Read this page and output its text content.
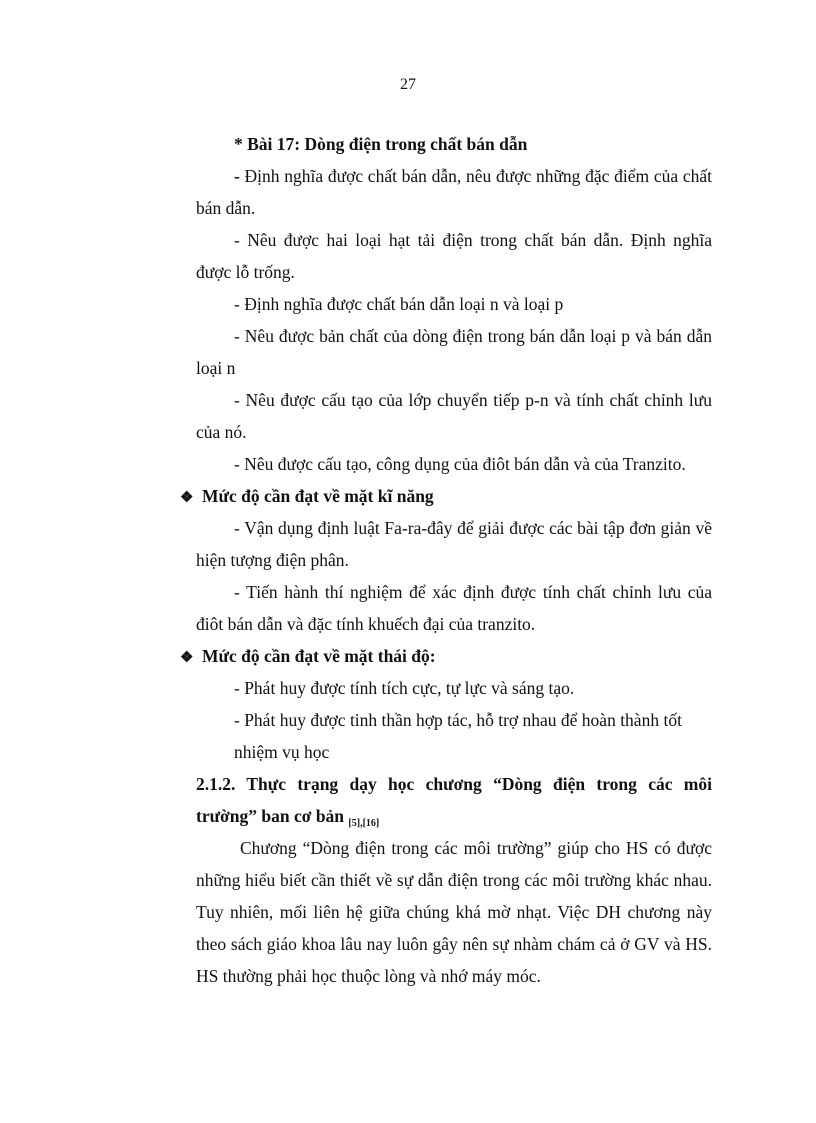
27
* Bài 17: Dòng điện trong chất bán dẫn
- Định nghĩa được chất bán dẫn, nêu được những đặc điểm của chất
bán dẫn.
- Nêu được hai loại hạt tải điện trong chất bán dẫn. Định nghĩa
được lỗ trống.
- Định nghĩa được chất bán dẫn loại n và loại p
- Nêu được bản chất của dòng điện trong bán dẫn loại p và bán dẫn
loại n
- Nêu được cấu tạo của lớp chuyển tiếp p-n và tính chất chỉnh lưu
của nó.
- Nêu được cấu tạo, công dụng của điôt bán dẫn và của Tranzito.
❖ Mức độ cần đạt về mặt kĩ năng
- Vận dụng định luật Fa-ra-đây để giải được các bài tập đơn giản về
hiện tượng điện phân.
- Tiến hành thí nghiệm để xác định được tính chất chỉnh lưu của
điôt bán dẫn và đặc tính khuếch đại của tranzito.
❖ Mức độ cần đạt về mặt thái độ:
- Phát huy được tính tích cực, tự lực và sáng tạo.
- Phát huy được tinh thần hợp tác, hỗ trợ nhau để hoàn thành tốt
nhiệm vụ học
2.1.2. Thực trạng dạy học chương “Dòng điện trong các môi
trường” ban cơ bản $_{[5],[16]}$
Chương “Dòng điện trong các môi trường” giúp cho HS có được
những hiểu biết cần thiết về sự dẫn điện trong các môi trường khác nhau.
Tuy nhiên, mối liên hệ giữa chúng khá mờ nhạt. Việc DH chương này
theo sách giáo khoa lâu nay luôn gây nên sự nhàm chám cả ở GV và HS.
HS thường phải học thuộc lòng và nhớ máy móc.
